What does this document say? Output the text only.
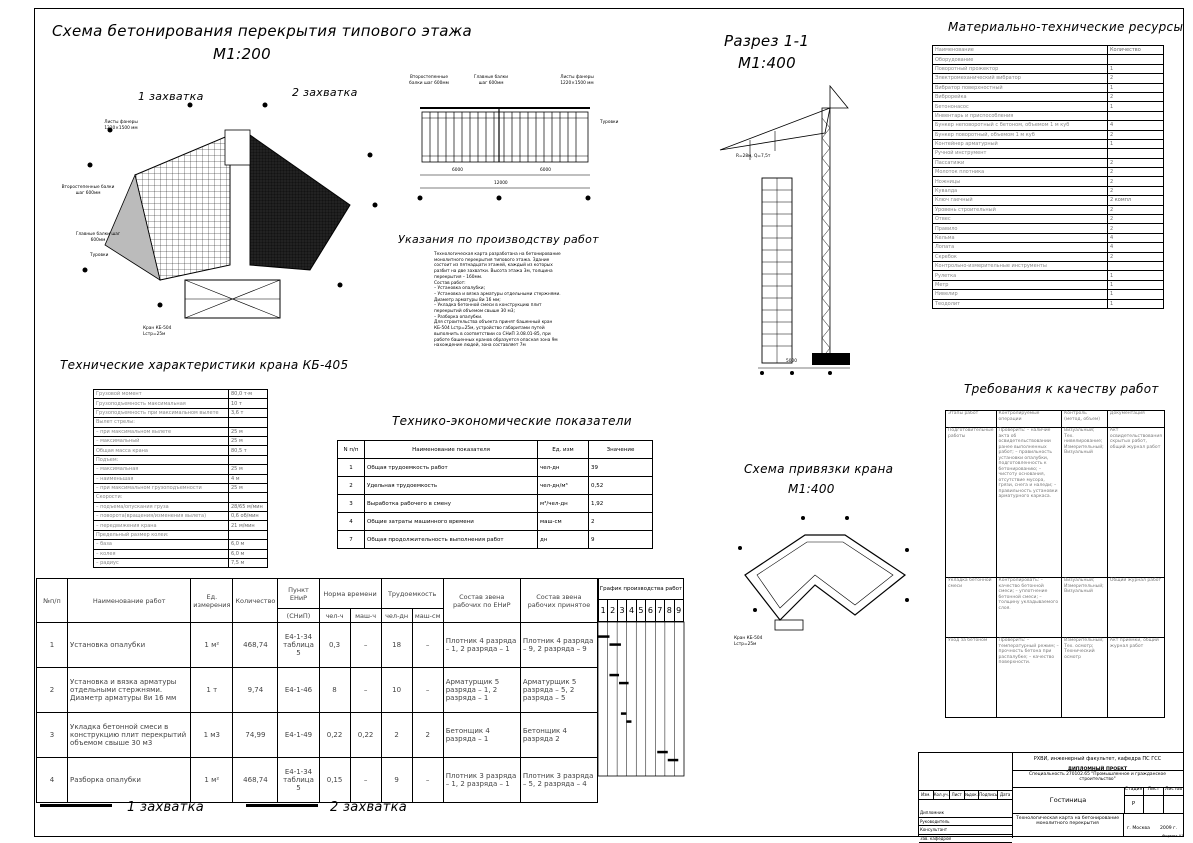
Схема бетонирования перекрытия типового этажа
М1:200
1 захватка	2 захватка
Разрез 1-1
М1:400
Материально-технические ресурсы
Указания по производству работ
Технические характеристики крана КБ-405
Технико-экономические показатели
Схема привязки крана
М1:400
Требования к качеству работ
Листы фанеры 1220×1500 мм
Второстепенные балки шаг 600мм
Главные балки шаг 600мм
Туровки
Кран КБ-504 Lстр=25м
Второстепенные балки шаг 600мм
Главные балки шаг 600мм
Листы фанеры 1220×1500 мм
Туровки
6000	6000
12000
Технологическая карта разработана на бетонирование
монолитного перекрытия типового этажа. Здание
состоит из пятнадцати этажей, каждый из которых
разбит на две захватки. Высота этажа 3м, толщина
перекрытия – 160мм.
Состав работ:
– Установка опалубки;
– Установка и вязка арматуры отдельными стержнями.
Диаметр арматуры 8и 16 мм;
– Укладка бетонной смеси в конструкцию плит
перекрытий объемом свыше 30 м3;
– Разборка опалубки.
Для строительства объекта принят башенный кран
КБ-504 Lстр=25м, устройство габаритами путей
выполнить в соответствии со СНиП 3.08.01-85, при
работе башенных кранов образуется опасная зона 9м
нахождение людей, зона составляет 7м
R=28м, Q=7,5т
5000	6000
Наименование	Количество
Оборудование	
Поворотный прожектор	1
Электромеханический вибратор	2
Вибратор поверхностный	1
Виброрейка	2
Бетононасос	1
Инвентарь и приспособления	
Бункер неповоротный с бетоном, объемом 1 м куб	4
Бункер поворотный, объемом 1 м куб	2
Контейнер арматурный	1
Ручной инструмент	
Пассатижи	2
Молоток плотника	2
Ножницы	2
Кувалда	2
Ключ гаечный	2 компл
Уровень строительный	2
Отвес	2
Правило	2
Кельма	4
Лопата	4
Скребок	2
Контрольно-измерительные инструменты	
Рулетка	1
Метр	1
Нивелир	1
Теодолит	1
Грузовой момент	80,0 т·м
Грузоподъемность максимальная	10 т
Грузоподъемность при максимальном вылете	3,6 т
Вылет стрелы:	
– при максимальном вылете	25 м
– максимальный	25 м
Общая масса крана	80,5 т
Подъем:	
– максимальная	25 м
– наименьшая	4 м
– при максимальном грузоподъемности	25 м
Скорости:	
– подъема/опускания груза	28/65 м/мин
– поворота(вращения/изменения вылета)	0,6 об/мин
– передвижения крана	21 м/мин
Предельный размер колеи:	
– база	6,0 м
– колея	6,0 м
– радиус	7,5 м
N п/п	Наименование показателя	Ед. изм	Значение
1	Общая трудоемкость работ	чел-дн	39
2	Удельная трудоемкость	чел-дн/м³	0,52
3	Выработка рабочего в смену	м³/чел-дн	1,92
4	Общие затраты машинного времени	маш-см	2
7	Общая продолжительность выполнения работ	дн	9
Кран КБ-504 Lстр=25м
Этапы работ	Контролируемые операции	Контроль (метод, объем)	Документация
Подготовительные работы	Проверить: – наличие акта об освидетельствовании ранее выполненных работ; – правильность установки опалубки, подготовленность к бетонированию; – чистоту основания, отсутствие мусора, грязи, снега и наледи; – правильность установки арматурного каркаса.	Визуальный; Тех. нивелирование; Измерительный; Визуальный	Акт освидетельствования скрытых работ, общий журнал работ
Укладка бетонной смеси	Контролировать: – качество бетонной смеси; – уплотнение бетонной смеси; – толщину укладываемого слоя.	Визуальный; Измерительный; Визуальный	Общий журнал работ
Уход за бетоном	Проверить: – температурный режим; – прочность бетона при распалубке; – качество поверхности.	Измерительный; Тех. осмотр; Технический осмотр	Акт приемки, общий журнал работ
№п/п	Наименование работ	Ед. измерения	Количество	Пункт ЕНиР	Норма времени		Трудоемкость		Состав звена рабочих по ЕНиР	Состав звена рабочих принятое
				(СНиП)	чел-ч	маш-ч	чел-дн	маш-см		
1	Установка опалубки	1 м²	468,74	Е4-1-34 таблица 5	0,3	–	18	–	Плотник 4 разряда – 1, 2 разряда – 1	Плотник 4 разряда – 9, 2 разряда – 9
2	Установка и вязка арматуры отдельными стержнями. Диаметр арматуры 8и 16 мм	1 т	9,74	Е4-1-46	8	–	10	–	Арматурщик 5 разряда – 1, 2 разряда – 1	Арматурщик 5 разряда – 5, 2 разряда – 5
3	Укладка бетонной смеси в конструкцию плит перекрытий объемом свыше 30 м3	1 м3	74,99	Е4-1-49	0,22	0,22	2	2	Бетонщик 4 разряда – 1	Бетонщик 4 разряда 2
4	Разборка опалубки	1 м²	468,74	Е4-1-34 таблица 5	0,15	–	9	–	Плотник 3 разряда – 1, 2 разряда – 1	Плотник 3 разряда – 5, 2 разряда – 4
График производства работ
1 2 3 4 5 6 7 8 9
1 захватка	2 захватка
Изм. Кол.уч. Лист №док. Подпись Дата
Дипломник
Руководитель
Консультант
Зав. кафедрой
РХВИ, инженерный факультет, кафедра ПС ГСС
ДИПЛОМНЫЙ ПРОЕКТ
Специальность 270102.65 "Промышленное и гражданское строительство"
Гостиница
Стадия	Лист	Листов
Р
Технологическая карта на бетонирование монолитного перекрытия
г. Москва 2009 г.
Формат А1
